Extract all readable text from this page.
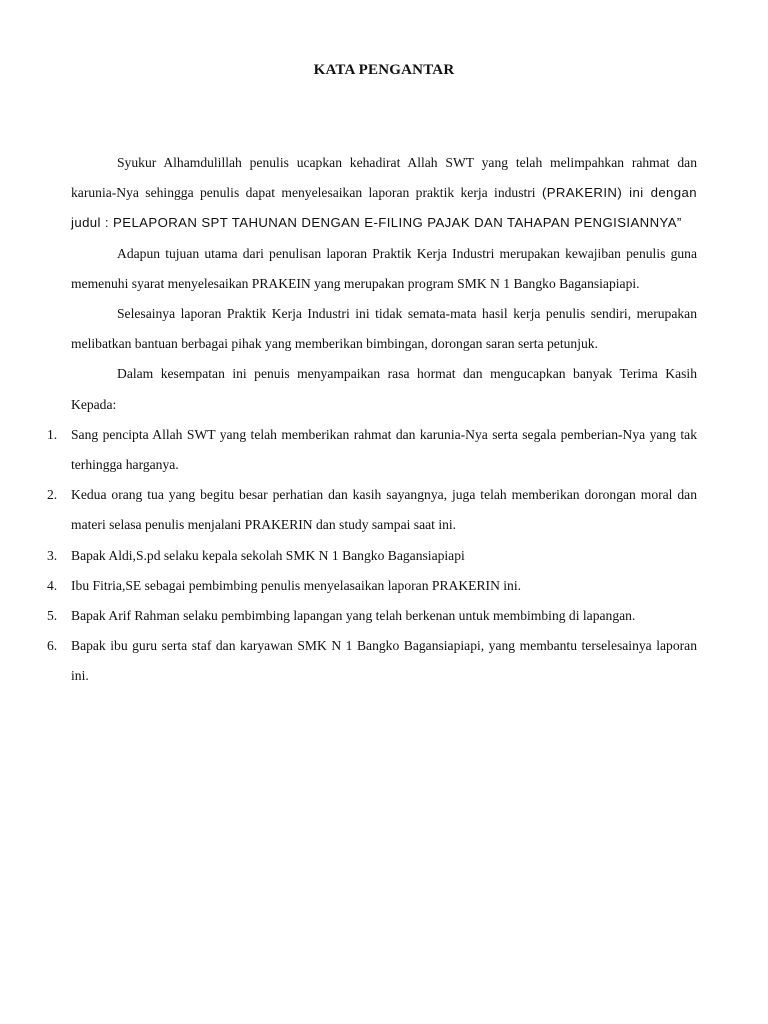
KATA PENGANTAR

Syukur Alhamdulillah penulis ucapkan kehadirat Allah SWT yang telah melimpahkan rahmat dan karunia-Nya sehingga penulis dapat menyelesaikan laporan praktik kerja industri (PRAKERIN) ini dengan judul : PELAPORAN SPT TAHUNAN DENGAN E-FILING PAJAK DAN TAHAPAN PENGISIANNYA”

Adapun tujuan utama dari penulisan laporan Praktik Kerja Industri merupakan kewajiban penulis guna memenuhi syarat menyelesaikan PRAKEIN yang merupakan program SMK N 1 Bangko Bagansiapiapi.

Selesainya laporan Praktik Kerja Industri ini tidak semata-mata hasil kerja penulis sendiri, merupakan melibatkan bantuan berbagai pihak yang memberikan bimbingan, dorongan saran serta petunjuk.

Dalam kesempatan ini penuis menyampaikan rasa hormat dan mengucapkan banyak Terima Kasih Kepada:

1. Sang pencipta Allah SWT yang telah memberikan rahmat dan karunia-Nya serta segala pemberian-Nya yang tak terhingga harganya.
2. Kedua orang tua yang begitu besar perhatian dan kasih sayangnya, juga telah memberikan dorongan moral dan materi selasa penulis menjalani PRAKERIN dan study sampai saat ini.
3. Bapak Aldi,S.pd selaku kepala sekolah SMK N 1 Bangko Bagansiapiapi
4. Ibu Fitria,SE sebagai pembimbing penulis menyelasaikan laporan PRAKERIN ini.
5. Bapak Arif Rahman selaku pembimbing lapangan yang telah berkenan untuk membimbing di lapangan.
6. Bapak ibu guru serta staf dan karyawan SMK N 1 Bangko Bagansiapiapi, yang membantu terselesainya laporan ini.
